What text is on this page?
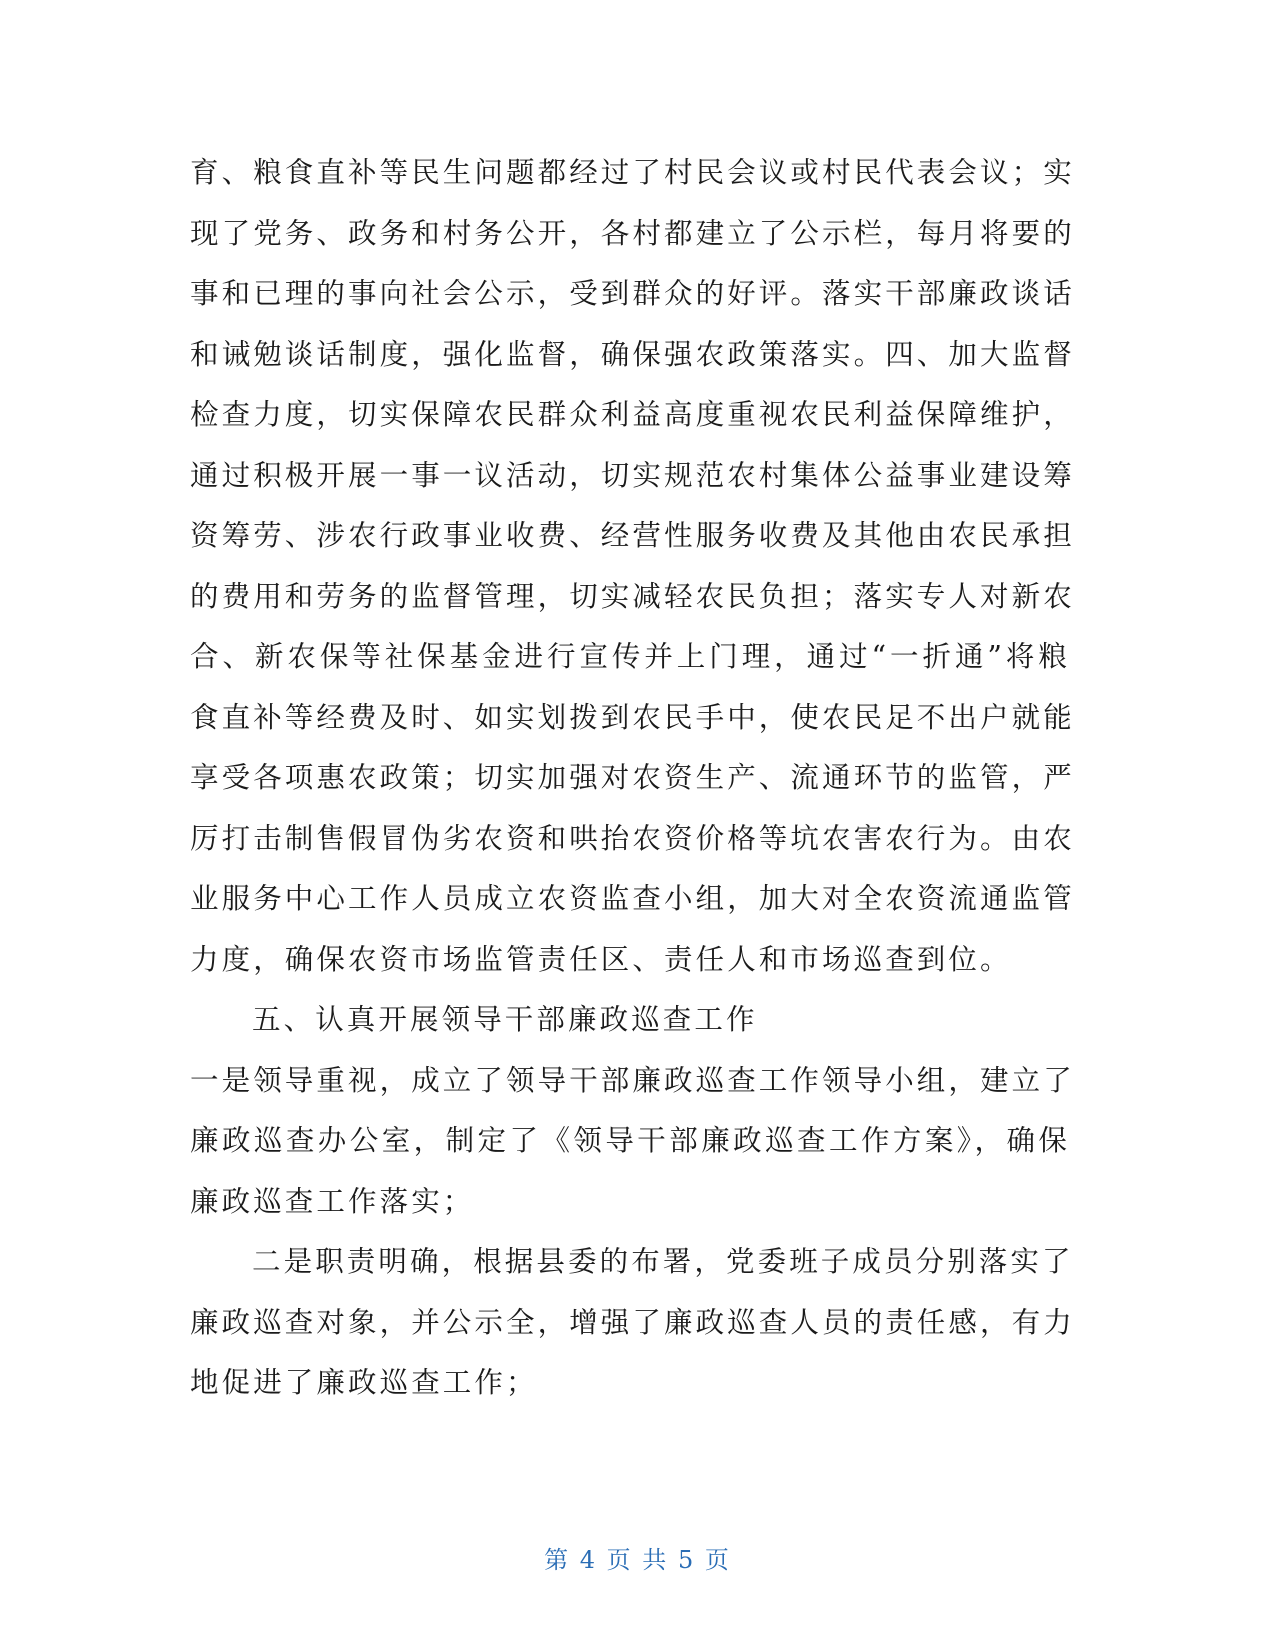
育、粮食直补等民生问题都经过了村民会议或村民代表会议；实
现了党务、政务和村务公开，各村都建立了公示栏，每月将要的
事和已理的事向社会公示，受到群众的好评。落实干部廉政谈话
和诫勉谈话制度，强化监督，确保强农政策落实。四、加大监督
检查力度，切实保障农民群众利益高度重视农民利益保障维护，
通过积极开展一事一议活动，切实规范农村集体公益事业建设筹
资筹劳、涉农行政事业收费、经营性服务收费及其他由农民承担
的费用和劳务的监督管理，切实减轻农民负担；落实专人对新农
合、新农保等社保基金进行宣传并上门理，通过“一折通”将粮
食直补等经费及时、如实划拨到农民手中，使农民足不出户就能
享受各项惠农政策；切实加强对农资生产、流通环节的监管，严
厉打击制售假冒伪劣农资和哄抬农资价格等坑农害农行为。由农
业服务中心工作人员成立农资监查小组，加大对全农资流通监管
力度，确保农资市场监管责任区、责任人和市场巡查到位。
五、认真开展领导干部廉政巡查工作
一是领导重视，成立了领导干部廉政巡查工作领导小组，建立了
廉政巡查办公室，制定了《领导干部廉政巡查工作方案》，确保
廉政巡查工作落实；
二是职责明确，根据县委的布署，党委班子成员分别落实了
廉政巡查对象，并公示全，增强了廉政巡查人员的责任感，有力
地促进了廉政巡查工作；
第 4 页 共 5 页
